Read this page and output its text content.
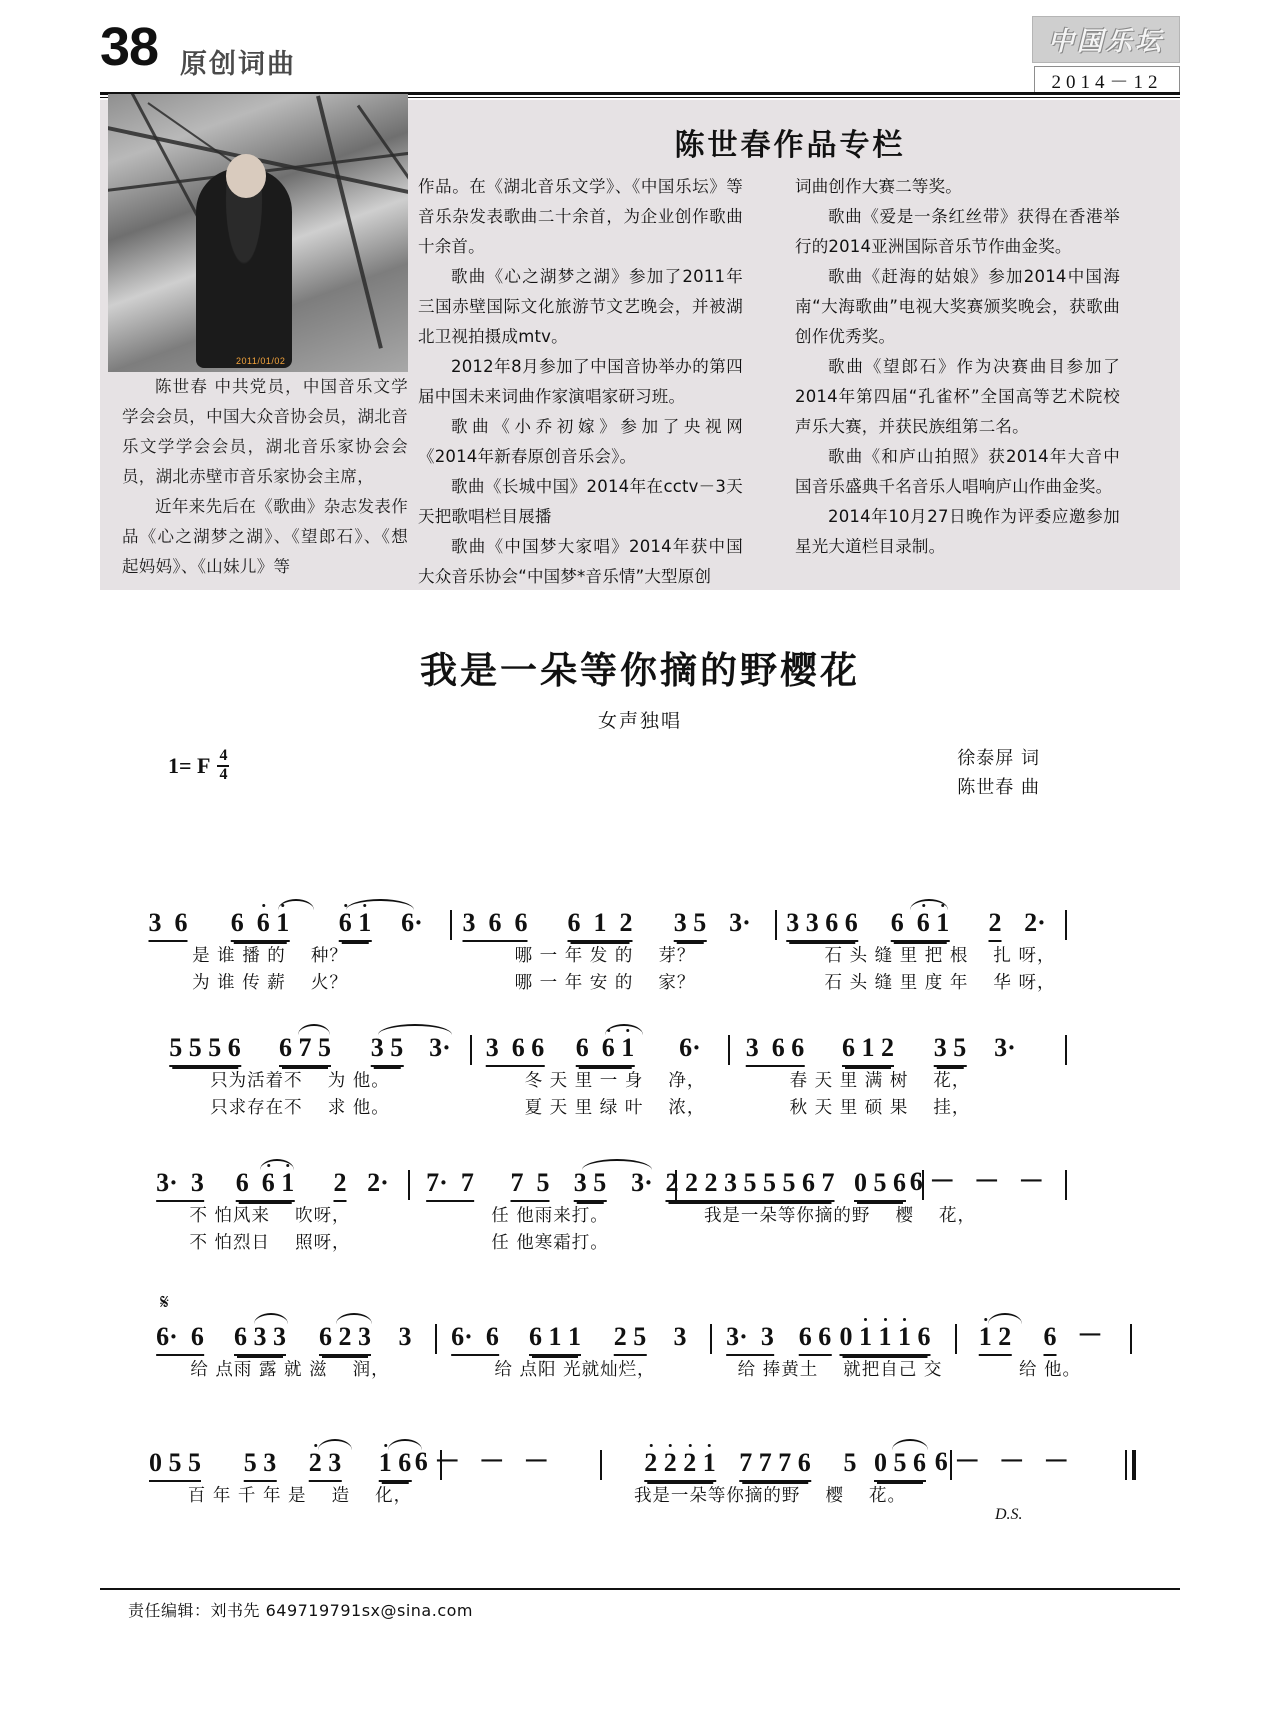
38 原创词曲
中国乐坛
2014－12
2011/01/02
陈世春作品专栏

陈世春 中共党员，中国音乐文学学会会员，中国大众音协会员，湖北音乐文学学会会员，湖北音乐家协会会员，湖北赤壁市音乐家协会主席，

近年来先后在《歌曲》杂志发表作品《心之湖梦之湖》、《望郎石》、《想起妈妈》、《山妹儿》等

作品。在《湖北音乐文学》、《中国乐坛》等音乐杂发表歌曲二十余首，为企业创作歌曲十余首。

歌曲《心之湖梦之湖》参加了2011年三国赤壁国际文化旅游节文艺晚会，并被湖北卫视拍摄成mtv。

2012年8月参加了中国音协举办的第四届中国未来词曲作家演唱家研习班。

歌曲《小乔初嫁》参加了央视网《2014年新春原创音乐会》。

歌曲《长城中国》2014年在cctv－3天天把歌唱栏目展播

歌曲《中国梦大家唱》2014年获中国大众音乐协会“中国梦*音乐情”大型原创

词曲创作大赛二等奖。

歌曲《爱是一条红丝带》获得在香港举行的2014亚洲国际音乐节作曲金奖。

歌曲《赶海的姑娘》参加2014中国海南“大海歌曲”电视大奖赛颁奖晚会，获歌曲创作优秀奖。

歌曲《望郎石》作为决赛曲目参加了2014年第四届“孔雀杯”全国高等艺术院校声乐大赛，并获民族组第二名。

歌曲《和庐山拍照》获2014年大音中国音乐盛典千名音乐人唱响庐山作曲金奖。

2014年10月27日晚作为评委应邀参加星光大道栏目录制。

我是一朵等你摘的野樱花
女声独唱
1= F $\frac{4}{4}$	徐泰屏 词
陈世春 曲
3  6 6  6 1 6 1 6· 3  6  6 6  1  2 3 5 3· 3 3 6 6 6  6 1 2 2·
是 谁 播 的 　种？	哪 一 年 发 的 　芽？	石 头 缝 里 把 根 　扎 呀，
为 谁 传 薪 　火？	哪 一 年 安 的 　家？	石 头 缝 里 度 年 　华 呀，
5 5 5 6 6 7 5 3 5 3· 3  6 6 6  6 1 6· 3  6 6 6 1 2 3 5 3·
只为活着不 　为 他。	冬 天 里 一 身 　净，	春 天 里 满 树 　花，
只求存在不 　求 他。	夏 天 里 绿 叶 　浓，	秋 天 里 硕 果 　挂，
3·  3 6  6 1 2 2· 7·  7 7  5 3 5 3· 2 2 2 3 5 5 5 6 7 0 5 6 6 － － －
不 怕风来 　吹呀，	任 他雨来打。	我是一朵等你摘的野 　樱 　花，
不 怕烈日 　照呀，	任 他寒霜打。
𝄋
6·  6 6 3 3 6 2 3 3 6·  6 6 1 1 2 5 3 3·  3 6 6 0 1 1 1 6 1 2 6 －
给 点雨 露 就 滋 　润，	给 点阳 光就灿烂，	给 捧黄土 　就把自己 交	给 他。
0 5 5 5 3 2 3 1 6 6 － － －	2 2 2 1 7 7 7 6 5 0 5 6 6 － － －
百 年 千 年 是 　造 　化，	我是一朵等你摘的野 　樱 　花。
D.S.
责任编辑：刘书先 649719791sx@sina.com
